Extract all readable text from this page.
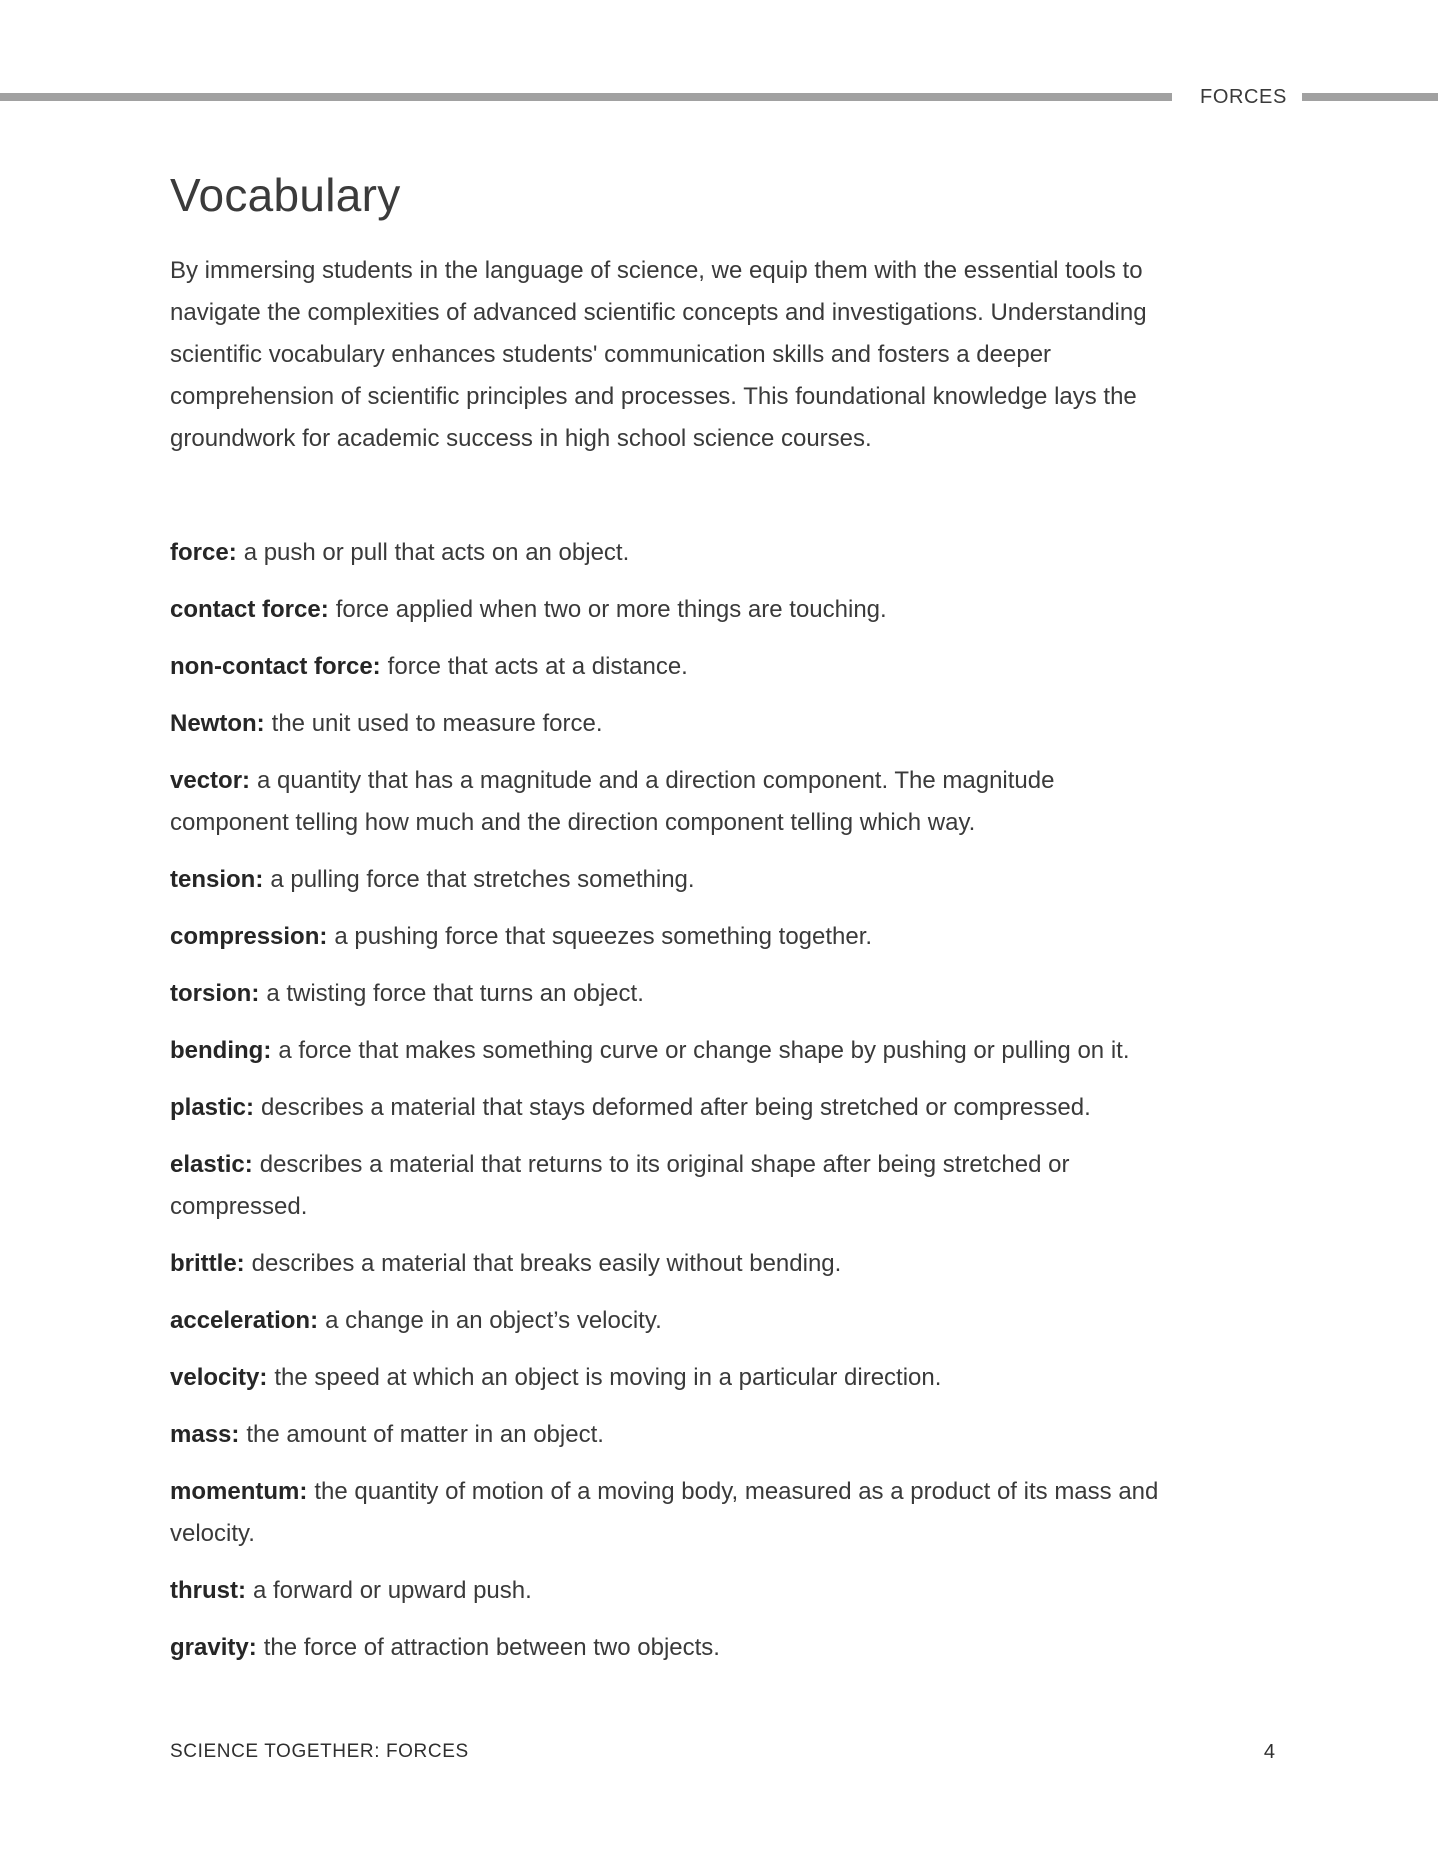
FORCES
Vocabulary

By immersing students in the language of science, we equip them with the essential tools to
navigate the complexities of advanced scientific concepts and investigations. Understanding
scientific vocabulary enhances students' communication skills and fosters a deeper
comprehension of scientific principles and processes. This foundational knowledge lays the
groundwork for academic success in high school science courses.

force: a push or pull that acts on an object.

contact force: force applied when two or more things are touching.

non-contact force: force that acts at a distance.

Newton: the unit used to measure force.

vector: a quantity that has a magnitude and a direction component. The magnitude
component telling how much and the direction component telling which way.

tension: a pulling force that stretches something.

compression: a pushing force that squeezes something together.

torsion: a twisting force that turns an object.

bending: a force that makes something curve or change shape by pushing or pulling on it.

plastic: describes a material that stays deformed after being stretched or compressed.

elastic: describes a material that returns to its original shape after being stretched or
compressed.

brittle: describes a material that breaks easily without bending.

acceleration: a change in an object’s velocity.

velocity: the speed at which an object is moving in a particular direction.

mass: the amount of matter in an object.

momentum: the quantity of motion of a moving body, measured as a product of its mass and
velocity.

thrust: a forward or upward push.

gravity: the force of attraction between two objects.

SCIENCE TOGETHER: FORCES	4
